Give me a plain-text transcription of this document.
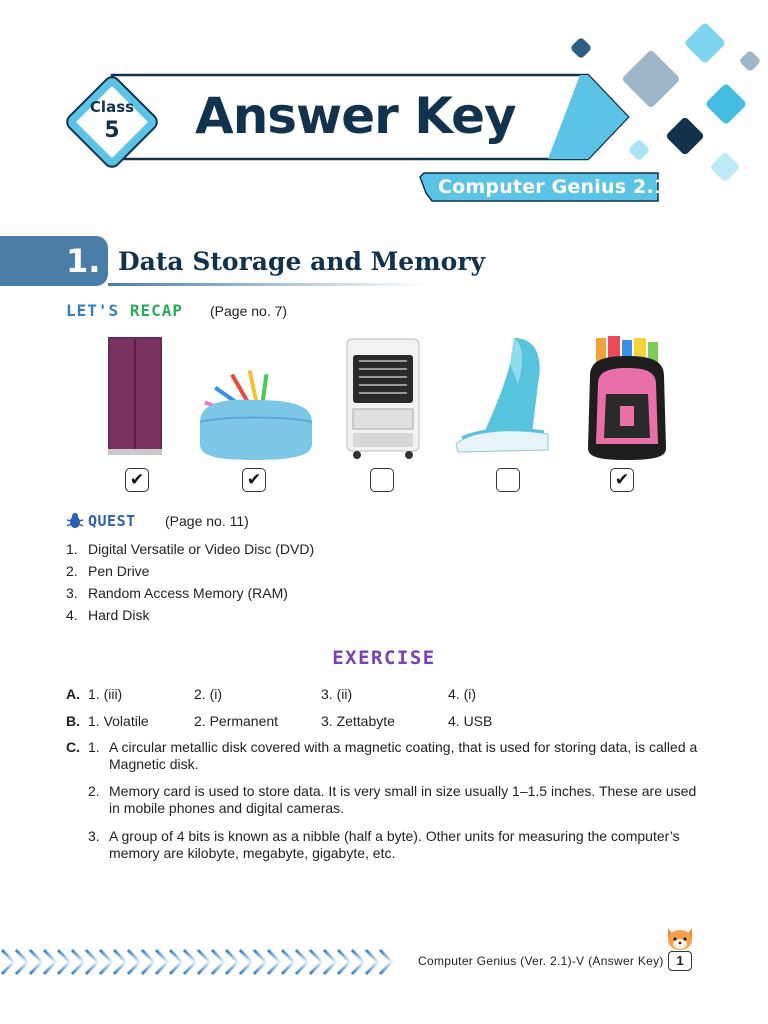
Class
5	Answer Key
Computer Genius 2.1
1. Data Storage and Memory
LET'S RECAP (Page no. 7)
✔	✔	✔
QUEST (Page no. 11)
1. Digital Versatile or Video Disc (DVD)
2. Pen Drive
3. Random Access Memory (RAM)
4. Hard Disk
EXERCISE
A. 1. (iii)	2. (i)	3. (ii)	4. (i)
B. 1. Volatile	2. Permanent	3. Zettabyte	4. USB
C. 1. A circular metallic disk covered with a magnetic coating, that is used for storing data, is called a Magnetic disk.
2. Memory card is used to store data. It is very small in size usually 1–1.5 inches. These are used in mobile phones and digital cameras.
3. A group of 4 bits is known as a nibble (half a byte). Other units for measuring the computer’s memory are kilobyte, megabyte, gigabyte, etc.
Computer Genius (Ver. 2.1)-V (Answer Key) 1
